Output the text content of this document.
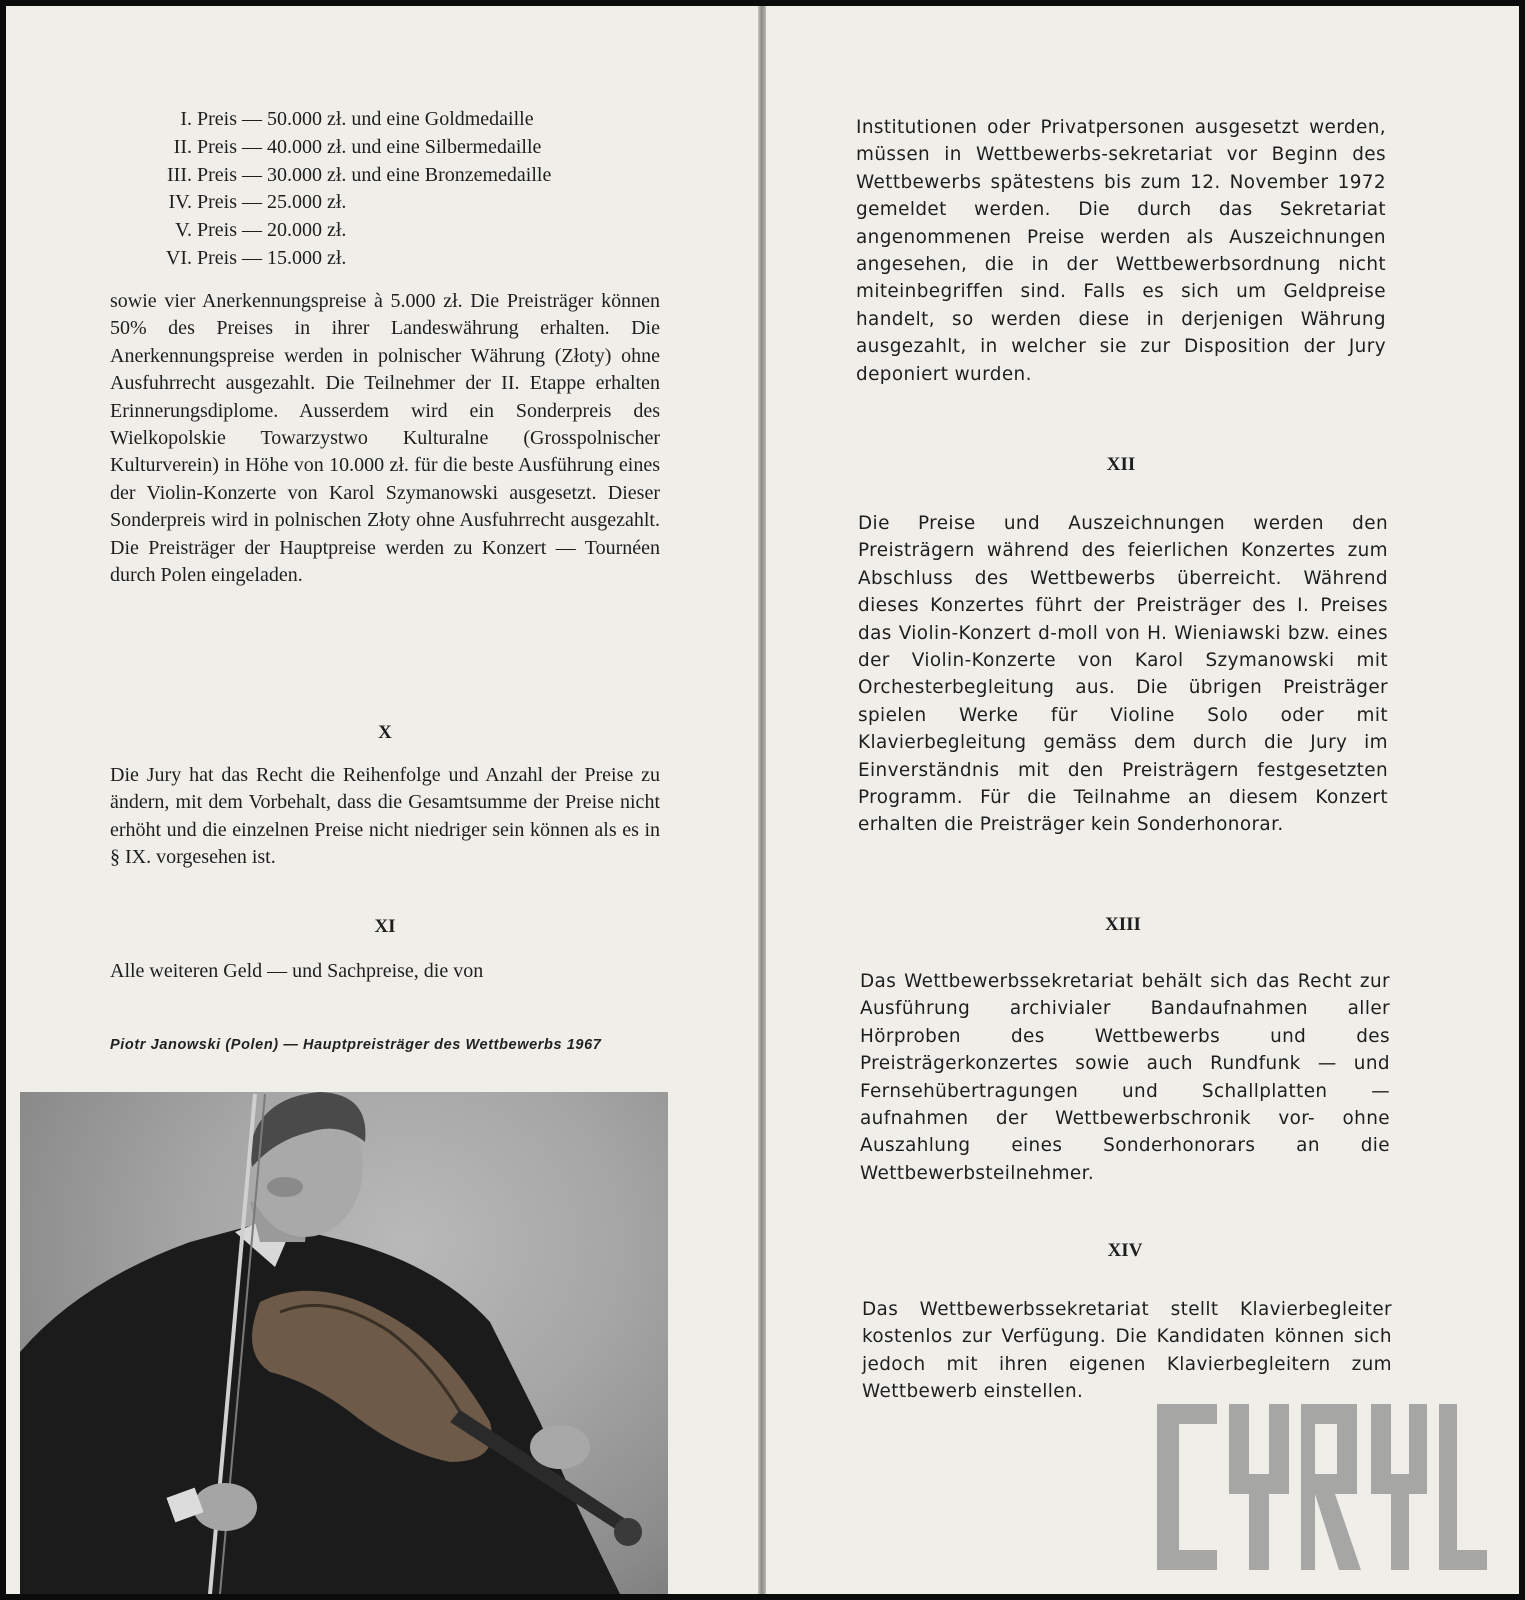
I. Preis — 50.000 zł. und eine Goldmedaille
II. Preis — 40.000 zł. und eine Silbermedaille
III. Preis — 30.000 zł. und eine Bronzemedaille
IV. Preis — 25.000 zł.
V. Preis — 20.000 zł.
VI. Preis — 15.000 zł.

sowie vier Anerkennungspreise à 5.000 zł. Die Preisträger können 50% des Preises in ihrer Landeswährung erhalten. Die Anerkennungspreise werden in polnischer Währung (Złoty) ohne Ausfuhrrecht ausgezahlt. Die Teilnehmer der II. Etappe erhalten Erinnerungsdiplome. Ausserdem wird ein Sonderpreis des Wielkopolskie Towarzystwo Kulturalne (Grosspolnischer Kulturverein) in Höhe von 10.000 zł. für die beste Ausführung eines der Violin-Konzerte von Karol Szymanowski ausgesetzt. Dieser Sonderpreis wird in polnischen Złoty ohne Ausfuhrrecht ausgezahlt. Die Preisträger der Hauptpreise werden zu Konzert — Tournéen durch Polen eingeladen.

X

Die Jury hat das Recht die Reihenfolge und Anzahl der Preise zu ändern, mit dem Vorbehalt, dass die Gesamtsumme der Preise nicht erhöht und die einzelnen Preise nicht niedriger sein können als es in § IX. vorgesehen ist.

XI

Alle weiteren Geld — und Sachpreise, die von

Piotr Janowski (Polen) — Hauptpreisträger des Wettbewerbs 1967

Institutionen oder Privatpersonen ausgesetzt werden, müssen in Wettbewerbs-sekretariat vor Beginn des Wettbewerbs spätestens bis zum 12. November 1972 gemeldet werden. Die durch das Sekretariat angenommenen Preise werden als Auszeichnungen angesehen, die in der Wettbewerbsordnung nicht miteinbegriffen sind. Falls es sich um Geldpreise handelt, so werden diese in derjenigen Währung ausgezahlt, in welcher sie zur Disposition der Jury deponiert wurden.

XII

Die Preise und Auszeichnungen werden den Preisträgern während des feierlichen Konzertes zum Abschluss des Wettbewerbs überreicht. Während dieses Konzertes führt der Preisträger des I. Preises das Violin-Konzert d-moll von H. Wieniawski bzw. eines der Violin-Konzerte von Karol Szymanowski mit Orchesterbegleitung aus. Die übrigen Preisträger spielen Werke für Violine Solo oder mit Klavierbegleitung gemäss dem durch die Jury im Einverständnis mit den Preisträgern festgesetzten Programm. Für die Teilnahme an diesem Konzert erhalten die Preisträger kein Sonderhonorar.

XIII

Das Wettbewerbssekretariat behält sich das Recht zur Ausführung archivialer Bandaufnahmen aller Hörproben des Wettbewerbs und des Preisträgerkonzertes sowie auch Rundfunk — und Fernsehübertragungen und Schallplatten — aufnahmen der Wettbewerbschronik vor- ohne Auszahlung eines Sonderhonorars an die Wettbewerbsteilnehmer.

XIV

Das Wettbewerbssekretariat stellt Klavierbegleiter kostenlos zur Verfügung. Die Kandidaten können sich jedoch mit ihren eigenen Klavierbegleitern zum Wettbewerb einstellen.
